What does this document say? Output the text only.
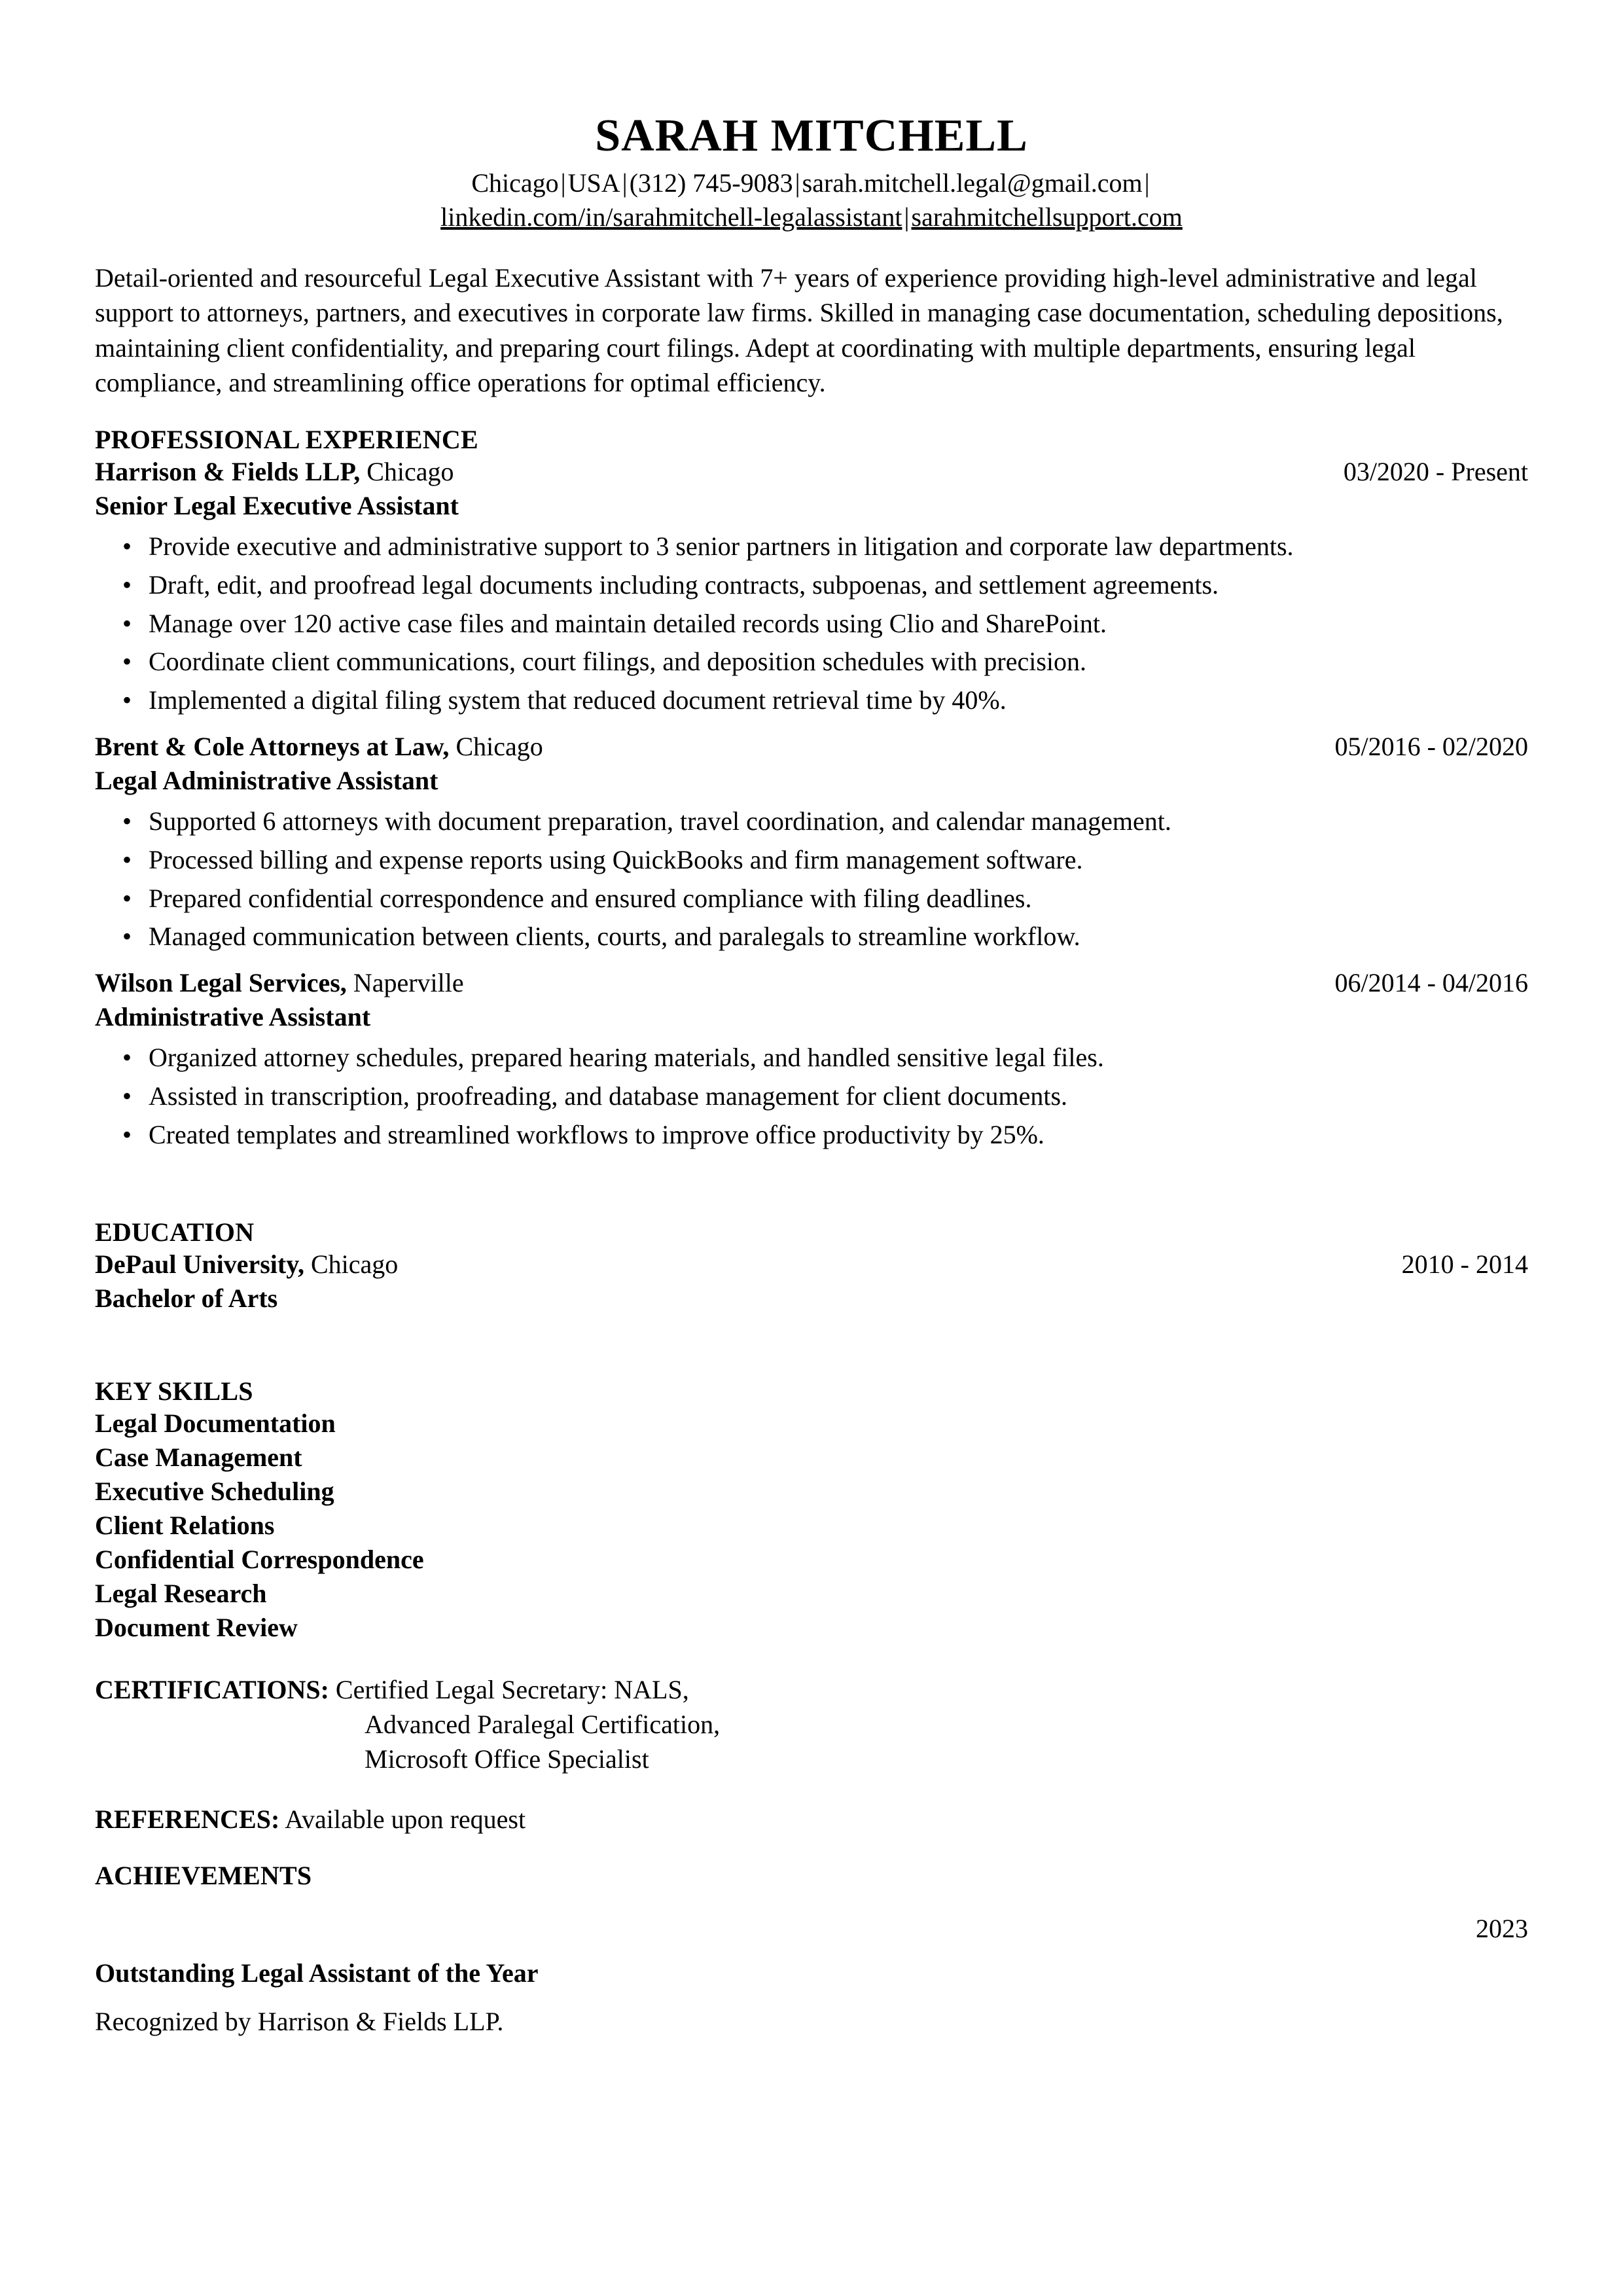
SARAH MITCHELL
Chicago|USA|(312) 745-9083|sarah.mitchell.legal@gmail.com|
linkedin.com/in/sarahmitchell-legalassistant|sarahmitchellsupport.com
Detail-oriented and resourceful Legal Executive Assistant with 7+ years of experience providing high-level administrative and legal support to attorneys, partners, and executives in corporate law firms. Skilled in managing case documentation, scheduling depositions, maintaining client confidentiality, and preparing court filings. Adept at coordinating with multiple departments, ensuring legal compliance, and streamlining office operations for optimal efficiency.
PROFESSIONAL EXPERIENCE
Harrison & Fields LLP, Chicago	03/2020 - Present
Senior Legal Executive Assistant
• Provide executive and administrative support to 3 senior partners in litigation and corporate law departments.
• Draft, edit, and proofread legal documents including contracts, subpoenas, and settlement agreements.
• Manage over 120 active case files and maintain detailed records using Clio and SharePoint.
• Coordinate client communications, court filings, and deposition schedules with precision.
• Implemented a digital filing system that reduced document retrieval time by 40%.
Brent & Cole Attorneys at Law, Chicago	05/2016 - 02/2020
Legal Administrative Assistant
• Supported 6 attorneys with document preparation, travel coordination, and calendar management.
• Processed billing and expense reports using QuickBooks and firm management software.
• Prepared confidential correspondence and ensured compliance with filing deadlines.
• Managed communication between clients, courts, and paralegals to streamline workflow.
Wilson Legal Services, Naperville	06/2014 - 04/2016
Administrative Assistant
• Organized attorney schedules, prepared hearing materials, and handled sensitive legal files.
• Assisted in transcription, proofreading, and database management for client documents.
• Created templates and streamlined workflows to improve office productivity by 25%.
EDUCATION
DePaul University, Chicago	2010 - 2014
Bachelor of Arts
KEY SKILLS
Legal Documentation
Case Management
Executive Scheduling
Client Relations
Confidential Correspondence
Legal Research
Document Review
CERTIFICATIONS: Certified Legal Secretary: NALS,
Advanced Paralegal Certification,
Microsoft Office Specialist
REFERENCES: Available upon request
ACHIEVEMENTS
2023
Outstanding Legal Assistant of the Year
Recognized by Harrison & Fields LLP.
